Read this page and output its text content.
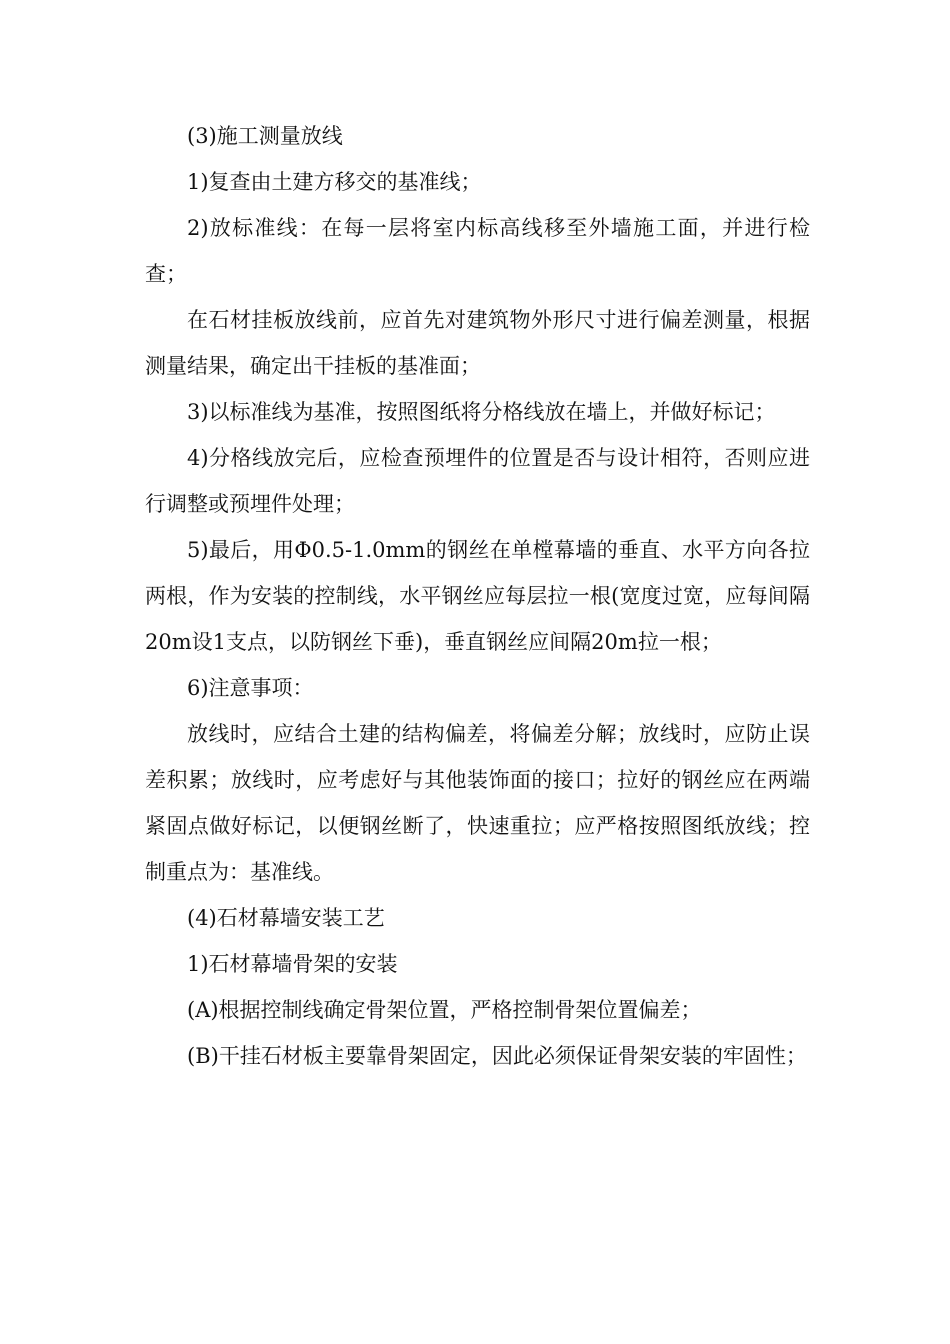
(3)施工测量放线

1)复查由土建方移交的基准线；

2)放标准线：在每一层将室内标高线移至外墙施工面，并进行检查；

在石材挂板放线前，应首先对建筑物外形尺寸进行偏差测量，根据测量结果，确定出干挂板的基准面；

3)以标准线为基准，按照图纸将分格线放在墙上，并做好标记；

4)分格线放完后，应检查预埋件的位置是否与设计相符，否则应进行调整或预埋件处理；

5)最后，用Φ0.5-1.0mm的钢丝在单樘幕墙的垂直、水平方向各拉两根，作为安装的控制线，水平钢丝应每层拉一根(宽度过宽，应每间隔20m设1支点，以防钢丝下垂)，垂直钢丝应间隔20m拉一根；

6)注意事项：

放线时，应结合土建的结构偏差，将偏差分解；放线时，应防止误差积累；放线时，应考虑好与其他装饰面的接口；拉好的钢丝应在两端紧固点做好标记，以便钢丝断了，快速重拉；应严格按照图纸放线；控制重点为：基准线。

(4)石材幕墙安装工艺

1)石材幕墙骨架的安装

(A)根据控制线确定骨架位置，严格控制骨架位置偏差；

(B)干挂石材板主要靠骨架固定，因此必须保证骨架安装的牢固性；
